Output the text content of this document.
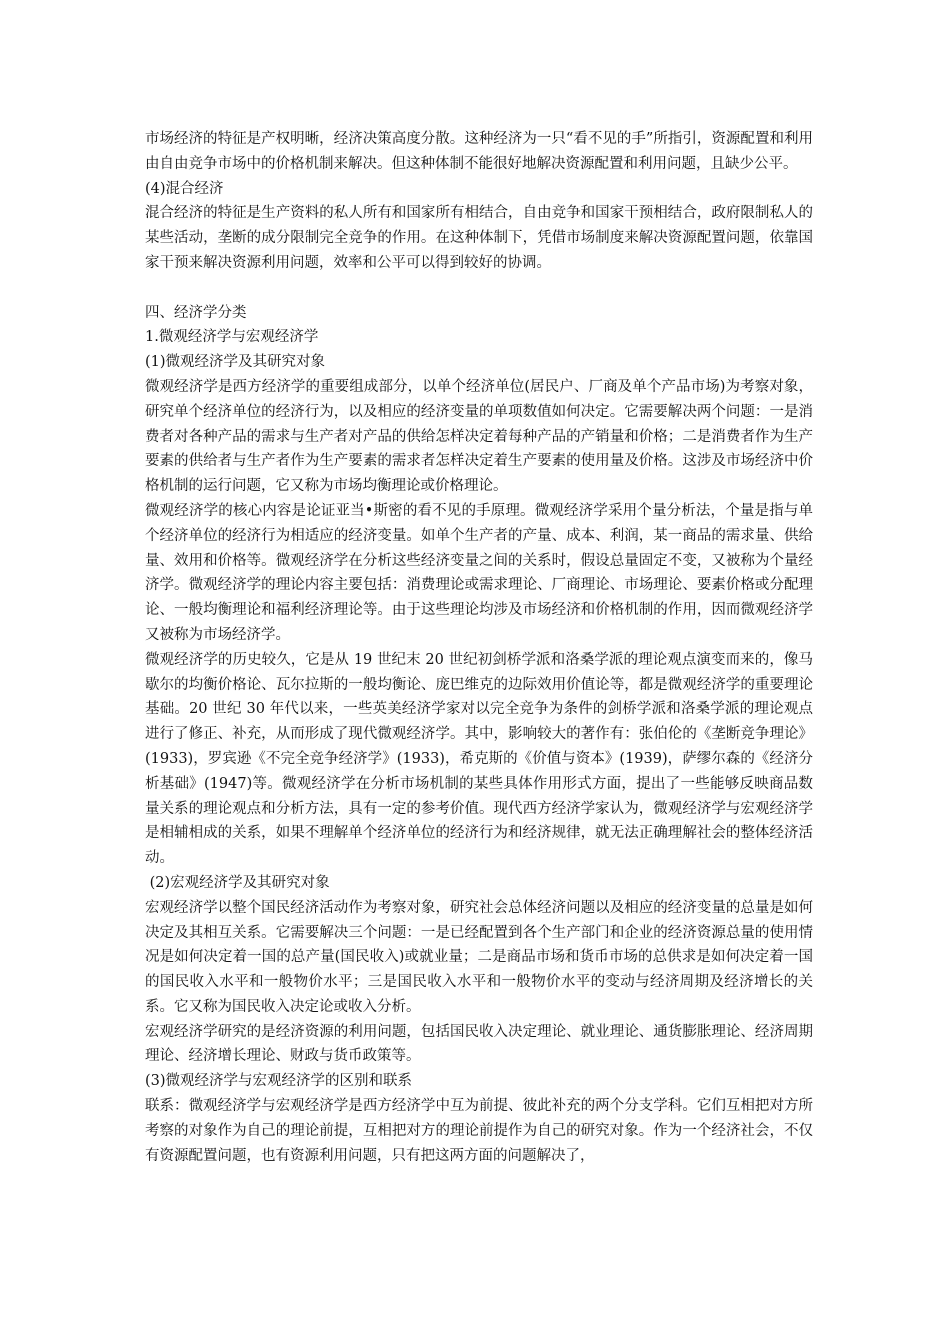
市场经济的特征是产权明晰，经济决策高度分散。这种经济为一只“看不见的手”所指引，资源配置和利用由自由竞争市场中的价格机制来解决。但这种体制不能很好地解决资源配置和利用问题，且缺少公平。

(4)混合经济

混合经济的特征是生产资料的私人所有和国家所有相结合，自由竞争和国家干预相结合，政府限制私人的某些活动，垄断的成分限制完全竞争的作用。在这种体制下，凭借市场制度来解决资源配置问题，依靠国家干预来解决资源利用问题，效率和公平可以得到较好的协调。

四、经济学分类

1.微观经济学与宏观经济学

(1)微观经济学及其研究对象

微观经济学是西方经济学的重要组成部分，以单个经济单位(居民户、厂商及单个产品市场)为考察对象，研究单个经济单位的经济行为，以及相应的经济变量的单项数值如何决定。它需要解决两个问题：一是消费者对各种产品的需求与生产者对产品的供给怎样决定着每种产品的产销量和价格；二是消费者作为生产要素的供给者与生产者作为生产要素的需求者怎样决定着生产要素的使用量及价格。这涉及市场经济中价格机制的运行问题，它又称为市场均衡理论或价格理论。

微观经济学的核心内容是论证亚当•斯密的看不见的手原理。微观经济学采用个量分析法，个量是指与单个经济单位的经济行为相适应的经济变量。如单个生产者的产量、成本、利润，某一商品的需求量、供给量、效用和价格等。微观经济学在分析这些经济变量之间的关系时，假设总量固定不变，又被称为个量经济学。微观经济学的理论内容主要包括：消费理论或需求理论、厂商理论、市场理论、要素价格或分配理论、一般均衡理论和福利经济理论等。由于这些理论均涉及市场经济和价格机制的作用，因而微观经济学又被称为市场经济学。

微观经济学的历史较久，它是从 19 世纪末 20 世纪初剑桥学派和洛桑学派的理论观点演变而来的，像马歇尔的均衡价格论、瓦尔拉斯的一般均衡论、庞巴维克的边际效用价值论等，都是微观经济学的重要理论基础。20 世纪 30 年代以来，一些英美经济学家对以完全竞争为条件的剑桥学派和洛桑学派的理论观点进行了修正、补充，从而形成了现代微观经济学。其中，影响较大的著作有：张伯伦的《垄断竞争理论》(1933)，罗宾逊《不完全竞争经济学》(1933)，希克斯的《价值与资本》(1939)，萨缪尔森的《经济分析基础》(1947)等。微观经济学在分析市场机制的某些具体作用形式方面，提出了一些能够反映商品数量关系的理论观点和分析方法，具有一定的参考价值。现代西方经济学家认为，微观经济学与宏观经济学是相辅相成的关系，如果不理解单个经济单位的经济行为和经济规律，就无法正确理解社会的整体经济活动。

(2)宏观经济学及其研究对象

宏观经济学以整个国民经济活动作为考察对象，研究社会总体经济问题以及相应的经济变量的总量是如何决定及其相互关系。它需要解决三个问题：一是已经配置到各个生产部门和企业的经济资源总量的使用情况是如何决定着一国的总产量(国民收入)或就业量；二是商品市场和货币市场的总供求是如何决定着一国的国民收入水平和一般物价水平；三是国民收入水平和一般物价水平的变动与经济周期及经济增长的关系。它又称为国民收入决定论或收入分析。

宏观经济学研究的是经济资源的利用问题，包括国民收入决定理论、就业理论、通货膨胀理论、经济周期理论、经济增长理论、财政与货币政策等。

(3)微观经济学与宏观经济学的区别和联系

联系：微观经济学与宏观经济学是西方经济学中互为前提、彼此补充的两个分支学科。它们互相把对方所考察的对象作为自己的理论前提，互相把对方的理论前提作为自己的研究对象。作为一个经济社会，不仅有资源配置问题，也有资源利用问题，只有把这两方面的问题解决了，
